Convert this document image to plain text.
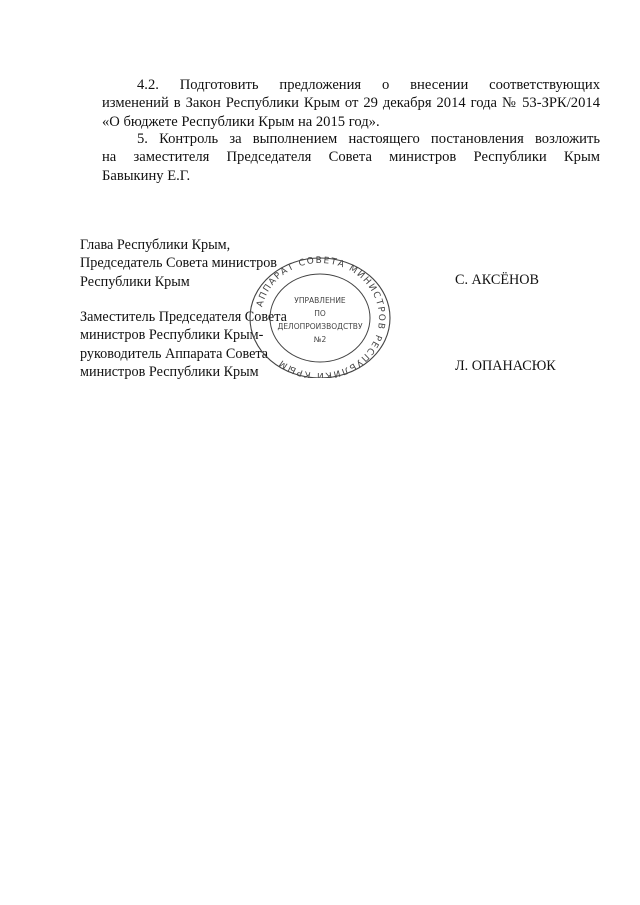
4.2. Подготовить предложения о внесении соответствующих
изменений в Закон Республики Крым от 29 декабря 2014 года № 53-ЗРК/2014
«О бюджете Республики Крым на 2015 год».
5. Контроль за выполнением настоящего постановления возложить
на заместителя Председателя Совета министров Республики Крым
Бавыкину Е.Г.
Глава Республики Крым,
Председатель Совета министров
Республики Крым	С. АКСЁНОВ
Заместитель Председателя Совета
министров Республики Крым-
руководитель Аппарата Совета
министров Республики Крым	Л. ОПАНАСЮК
АППАРАТ СОВЕТА МИНИСТРОВ РЕСПУБЛИКИ КРЫМ
УПРАВЛЕНИЕ
ПО
ДЕЛОПРОИЗВОДСТВУ
№2
